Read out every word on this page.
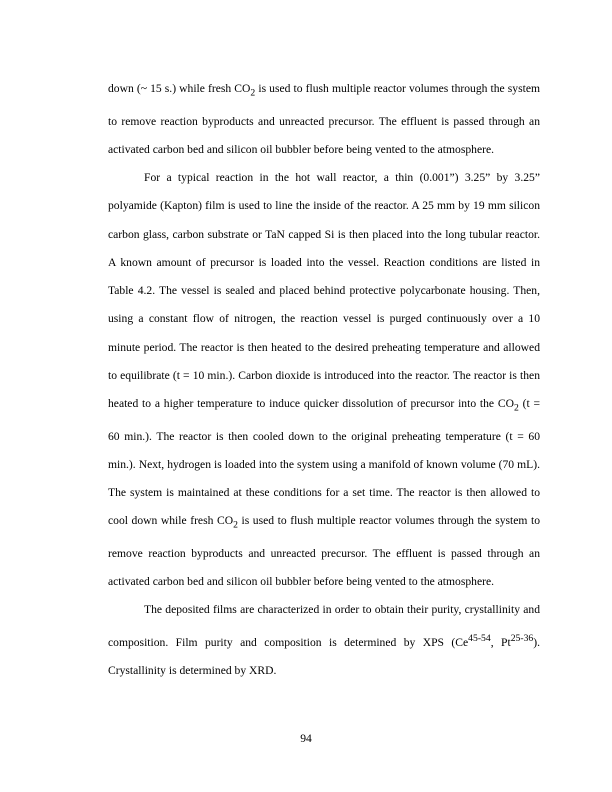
down (~ 15 s.) while fresh $CO_2$ is used to flush multiple reactor volumes through the system to remove reaction byproducts and unreacted precursor. The effluent is passed through an activated carbon bed and silicon oil bubbler before being vented to the atmosphere.

For a typical reaction in the hot wall reactor, a thin (0.001”) 3.25” by 3.25” polyamide (Kapton) film is used to line the inside of the reactor. A 25 mm by 19 mm silicon carbon glass, carbon substrate or TaN capped Si is then placed into the long tubular reactor. A known amount of precursor is loaded into the vessel. Reaction conditions are listed in Table 4.2. The vessel is sealed and placed behind protective polycarbonate housing. Then, using a constant flow of nitrogen, the reaction vessel is purged continuously over a 10 minute period. The reactor is then heated to the desired preheating temperature and allowed to equilibrate (t = 10 min.). Carbon dioxide is introduced into the reactor. The reactor is then heated to a higher temperature to induce quicker dissolution of precursor into the $CO_2$ (t = 60 min.). The reactor is then cooled down to the original preheating temperature (t = 60 min.). Next, hydrogen is loaded into the system using a manifold of known volume (70 mL). The system is maintained at these conditions for a set time. The reactor is then allowed to cool down while fresh $CO_2$ is used to flush multiple reactor volumes through the system to remove reaction byproducts and unreacted precursor. The effluent is passed through an activated carbon bed and silicon oil bubbler before being vented to the atmosphere.

The deposited films are characterized in order to obtain their purity, crystallinity and composition. Film purity and composition is determined by XPS (Ce$^{45-54}$, Pt$^{25-36}$). Crystallinity is determined by XRD.

94
